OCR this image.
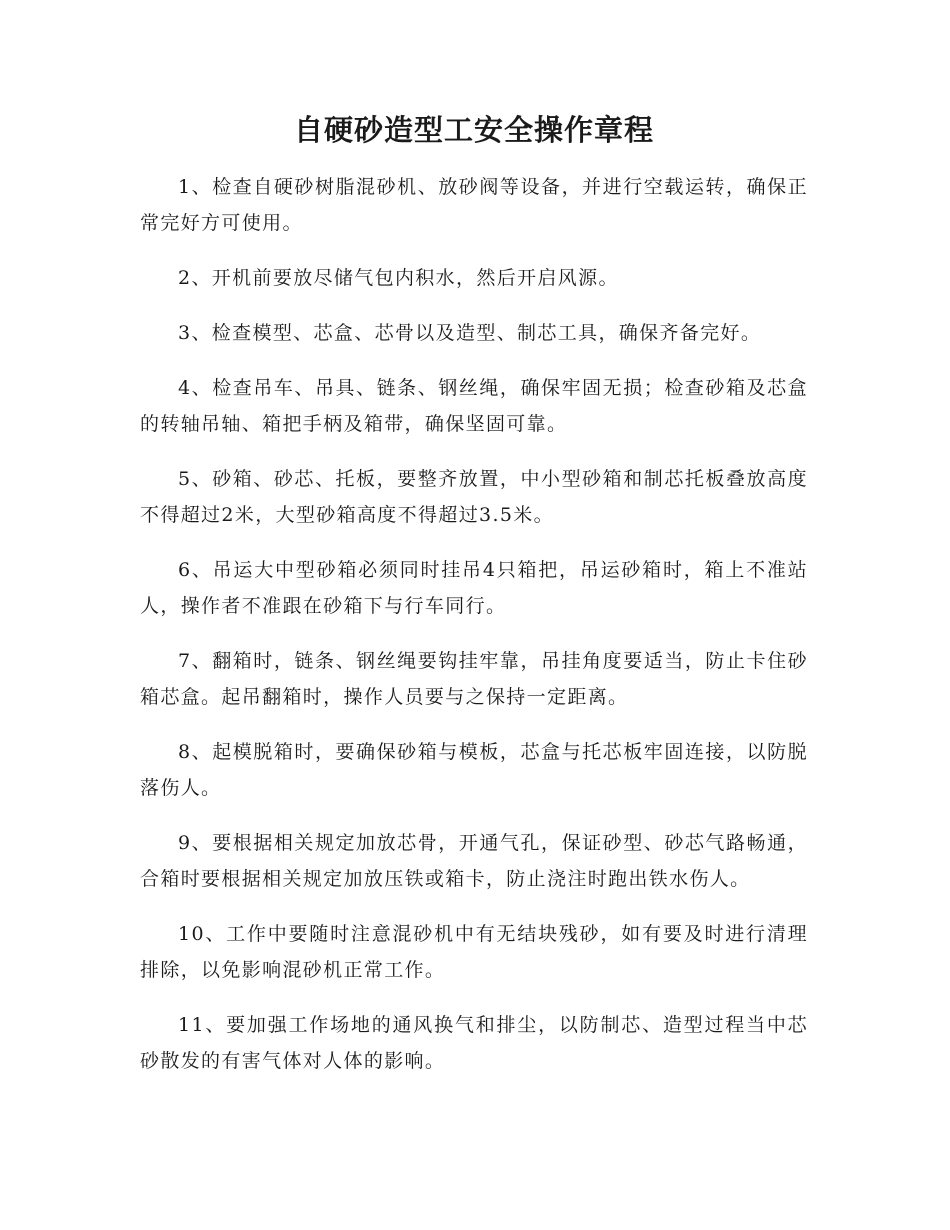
自硬砂造型工安全操作章程
1、检查自硬砂树脂混砂机、放砂阀等设备，并进行空载运转，确保正常完好方可使用。
2、开机前要放尽储气包内积水，然后开启风源。
3、检查模型、芯盒、芯骨以及造型、制芯工具，确保齐备完好。
4、检查吊车、吊具、链条、钢丝绳，确保牢固无损；检查砂箱及芯盒的转轴吊轴、箱把手柄及箱带，确保坚固可靠。
5、砂箱、砂芯、托板，要整齐放置，中小型砂箱和制芯托板叠放高度不得超过2米，大型砂箱高度不得超过3.5米。
6、吊运大中型砂箱必须同时挂吊4只箱把，吊运砂箱时，箱上不准站人，操作者不准跟在砂箱下与行车同行。
7、翻箱时，链条、钢丝绳要钩挂牢靠，吊挂角度要适当，防止卡住砂箱芯盒。起吊翻箱时，操作人员要与之保持一定距离。
8、起模脱箱时，要确保砂箱与模板，芯盒与托芯板牢固连接，以防脱落伤人。
9、要根据相关规定加放芯骨，开通气孔，保证砂型、砂芯气路畅通，合箱时要根据相关规定加放压铁或箱卡，防止浇注时跑出铁水伤人。
10、工作中要随时注意混砂机中有无结块残砂，如有要及时进行清理排除，以免影响混砂机正常工作。
11、要加强工作场地的通风换气和排尘，以防制芯、造型过程当中芯砂散发的有害气体对人体的影响。
